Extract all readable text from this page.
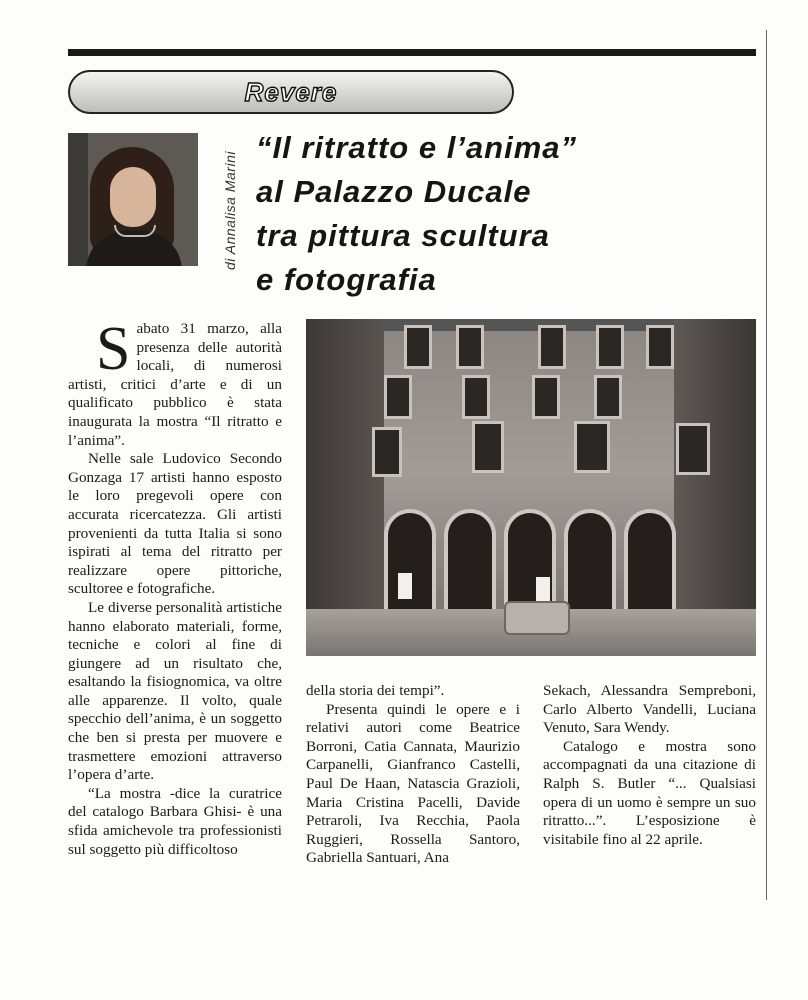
Revere
di Annalisa Marini
“Il ritratto e l’anima”
al Palazzo Ducale
tra pittura scultura
e fotografia

Sabato 31 marzo, alla presenza delle autorità locali, di numerosi artisti, critici d’arte e di un qualificato pubblico è stata inaugurata la mostra “Il ritratto e l’anima”.

Nelle sale Ludovico Secondo Gonzaga 17 artisti hanno esposto le loro pregevoli opere con accurata ricercatezza. Gli artisti provenienti da tutta Italia si sono ispirati al tema del ritratto per realizzare opere pittoriche, scultoree e fotografiche.

Le diverse personalità artistiche hanno elaborato materiali, forme, tecniche e colori al fine di giungere ad un risultato che, esaltando la fisiognomica, va oltre alle apparenze. Il volto, quale specchio dell’anima, è un soggetto che ben si presta per muovere e trasmettere emozioni attraverso l’opera d’arte.

“La mostra -dice la curatrice del catalogo Barbara Ghisi- è una sfida amichevole tra professionisti sul soggetto più difficoltoso

della storia dei tempi”.

Presenta quindi le opere e i relativi autori come Beatrice Borroni, Catia Cannata, Maurizio Carpanelli, Gianfranco Castelli, Paul De Haan, Natascia Grazioli, Maria Cristina Pacelli, Davide Petraroli, Iva Recchia, Paola Ruggieri, Rossella Santoro, Gabriella Santuari, Ana

Sekach, Alessandra Sempreboni, Carlo Alberto Vandelli, Luciana Venuto, Sara Wendy.

Catalogo e mostra sono accompagnati da una citazione di Ralph S. Butler “... Qualsiasi opera di un uomo è sempre un suo ritratto...”. L’esposizione è visitabile fino al 22 aprile.
